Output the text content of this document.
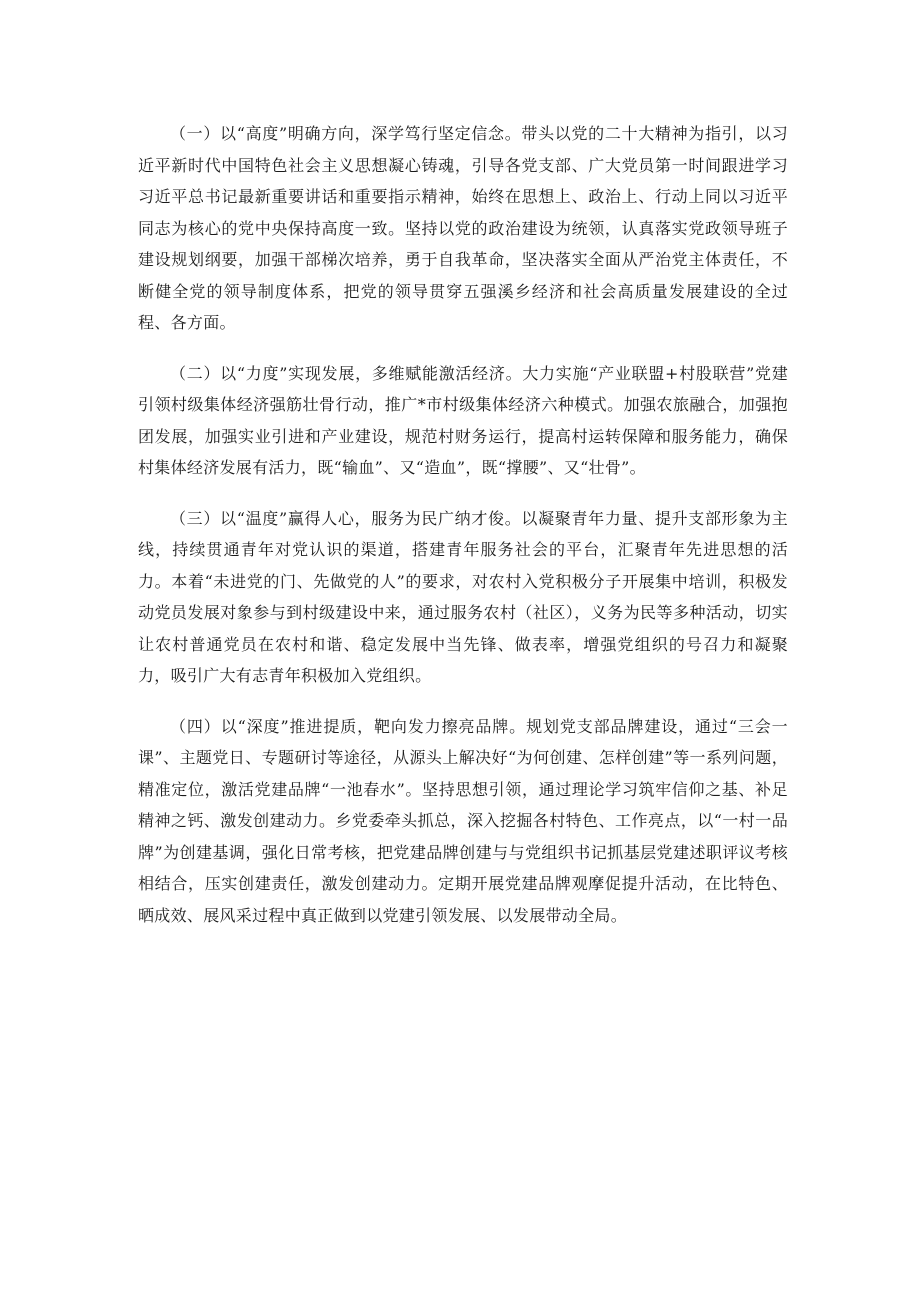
（一）以“高度”明确方向，深学笃行坚定信念。带头以党的二十大精神为指引，以习近平新时代中国特色社会主义思想凝心铸魂，引导各党支部、广大党员第一时间跟进学习习近平总书记最新重要讲话和重要指示精神，始终在思想上、政治上、行动上同以习近平同志为核心的党中央保持高度一致。坚持以党的政治建设为统领，认真落实党政领导班子建设规划纲要，加强干部梯次培养，勇于自我革命，坚决落实全面从严治党主体责任，不断健全党的领导制度体系，把党的领导贯穿五强溪乡经济和社会高质量发展建设的全过程、各方面。

（二）以“力度”实现发展，多维赋能激活经济。大力实施“产业联盟+村股联营”党建引领村级集体经济强筋壮骨行动，推广*市村级集体经济六种模式。加强农旅融合，加强抱团发展，加强实业引进和产业建设，规范村财务运行，提高村运转保障和服务能力，确保村集体经济发展有活力，既“输血”、又“造血”，既“撑腰”、又“壮骨”。

（三）以“温度”赢得人心，服务为民广纳才俊。以凝聚青年力量、提升支部形象为主线，持续贯通青年对党认识的渠道，搭建青年服务社会的平台，汇聚青年先进思想的活力。本着“未进党的门、先做党的人”的要求，对农村入党积极分子开展集中培训，积极发动党员发展对象参与到村级建设中来，通过服务农村（社区），义务为民等多种活动，切实让农村普通党员在农村和谐、稳定发展中当先锋、做表率，增强党组织的号召力和凝聚力，吸引广大有志青年积极加入党组织。

（四）以“深度”推进提质，靶向发力擦亮品牌。规划党支部品牌建设，通过“三会一课”、主题党日、专题研讨等途径，从源头上解决好“为何创建、怎样创建”等一系列问题，精准定位，激活党建品牌“一池春水”。坚持思想引领，通过理论学习筑牢信仰之基、补足精神之钙、激发创建动力。乡党委牵头抓总，深入挖掘各村特色、工作亮点，以“一村一品牌”为创建基调，强化日常考核，把党建品牌创建与与党组织书记抓基层党建述职评议考核相结合，压实创建责任，激发创建动力。定期开展党建品牌观摩促提升活动，在比特色、晒成效、展风采过程中真正做到以党建引领发展、以发展带动全局。
